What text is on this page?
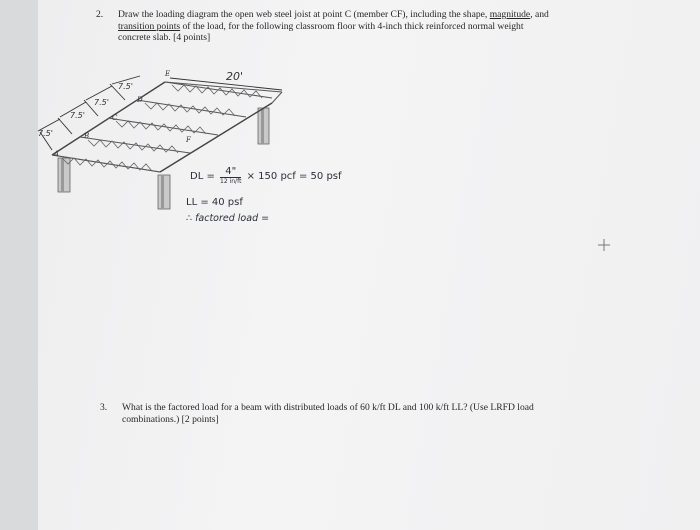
2. Draw the loading diagram the open web steel joist at point C (member CF), including the shape, magnitude, and
transition points of the load, for the following classroom floor with 4-inch thick reinforced normal weight
concrete slab. [4 points]
A
B
C
D
E
F
7.5'
7.5'
7.5'
7.5'
20'
DL =	4"
12 in/ft × 150 pcf = 50 psf
LL = 40 psf
∴ factored load =
3. What is the factored load for a beam with distributed loads of 60 k/ft DL and 100 k/ft LL? (Use LRFD load
combinations.) [2 points]
